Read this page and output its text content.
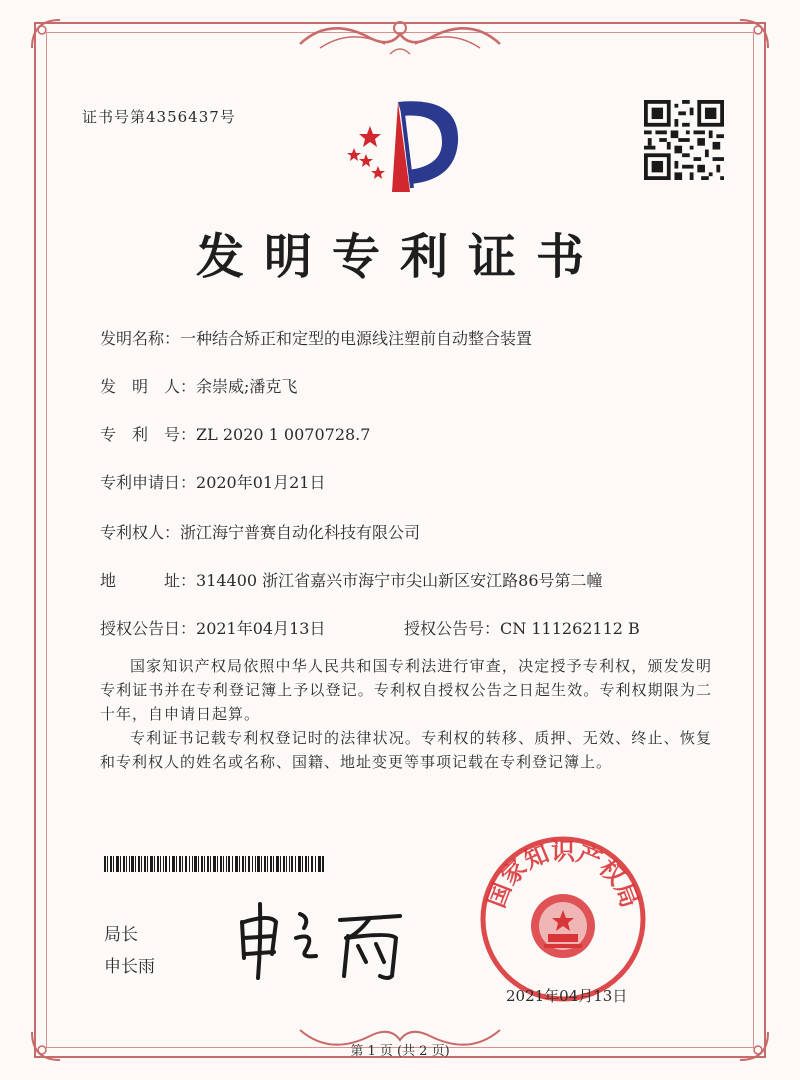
证书号第4356437号
发明专利证书
发明名称：一种结合矫正和定型的电源线注塑前自动整合装置
发　明　人：余崇威;潘克飞
专　利　号：ZL 2020 1 0070728.7
专利申请日：2020年01月21日
专利权人：浙江海宁普赛自动化科技有限公司
地　　　址：314400 浙江省嘉兴市海宁市尖山新区安江路86号第二幢
授权公告日：2021年04月13日	授权公告号：CN 111262112 B
国家知识产权局依照中华人民共和国专利法进行审查，决定授予专利权，颁发发明专利证书并在专利登记簿上予以登记。专利权自授权公告之日起生效。专利权期限为二十年，自申请日起算。
专利证书记载专利权登记时的法律状况。专利权的转移、质押、无效、终止、恢复和专利权人的姓名或名称、国籍、地址变更等事项记载在专利登记簿上。
局长
申长雨
国家知识产权局
2021年04月13日
第 1 页 (共 2 页)
